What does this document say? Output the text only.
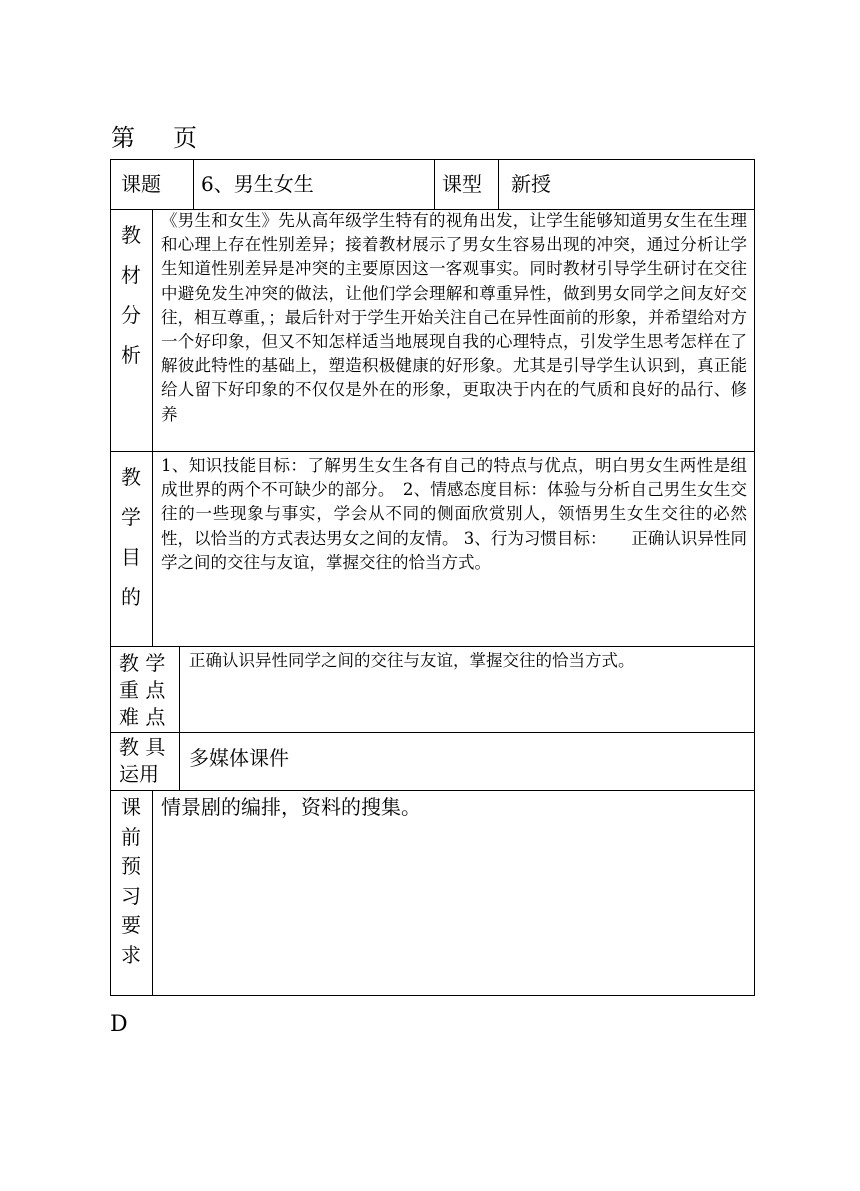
第 页
课题 6、男生女生	课型 新授
教
材
分
析
《男生和女生》先从高年级学生特有的视角出发，让学生能够知道男女生在生理和心理上存在性别差异；接着教材展示了男女生容易出现的冲突，通过分析让学生知道性别差异是冲突的主要原因这一客观事实。同时教材引导学生研讨在交往中避免发生冲突的做法，让他们学会理解和尊重异性，做到男女同学之间友好交往，相互尊重，；最后针对于学生开始关注自己在异性面前的形象，并希望给对方一个好印象，但又不知怎样适当地展现自我的心理特点，引发学生思考怎样在了解彼此特性的基础上，塑造积极健康的好形象。尤其是引导学生认识到，真正能给人留下好印象的不仅仅是外在的形象，更取决于内在的气质和良好的品行、修养
教
学
目
的
1、知识技能目标：了解男生女生各有自己的特点与优点，明白男女生两性是组成世界的两个不可缺少的部分。　2、情感态度目标：体验与分析自己男生女生交往的一些现象与事实，学会从不同的侧面欣赏别人，领悟男生女生交往的必然性，以恰当的方式表达男女之间的友情。 3、行为习惯目标：　　正确认识异性同学之间的交往与友谊，掌握交往的恰当方式。
教 学
重 点
难 点
正确认识异性同学之间的交往与友谊，掌握交往的恰当方式。
教 具
运用
多媒体课件
课
前
预
习
要
求
情景剧的编排，资料的搜集。
D
